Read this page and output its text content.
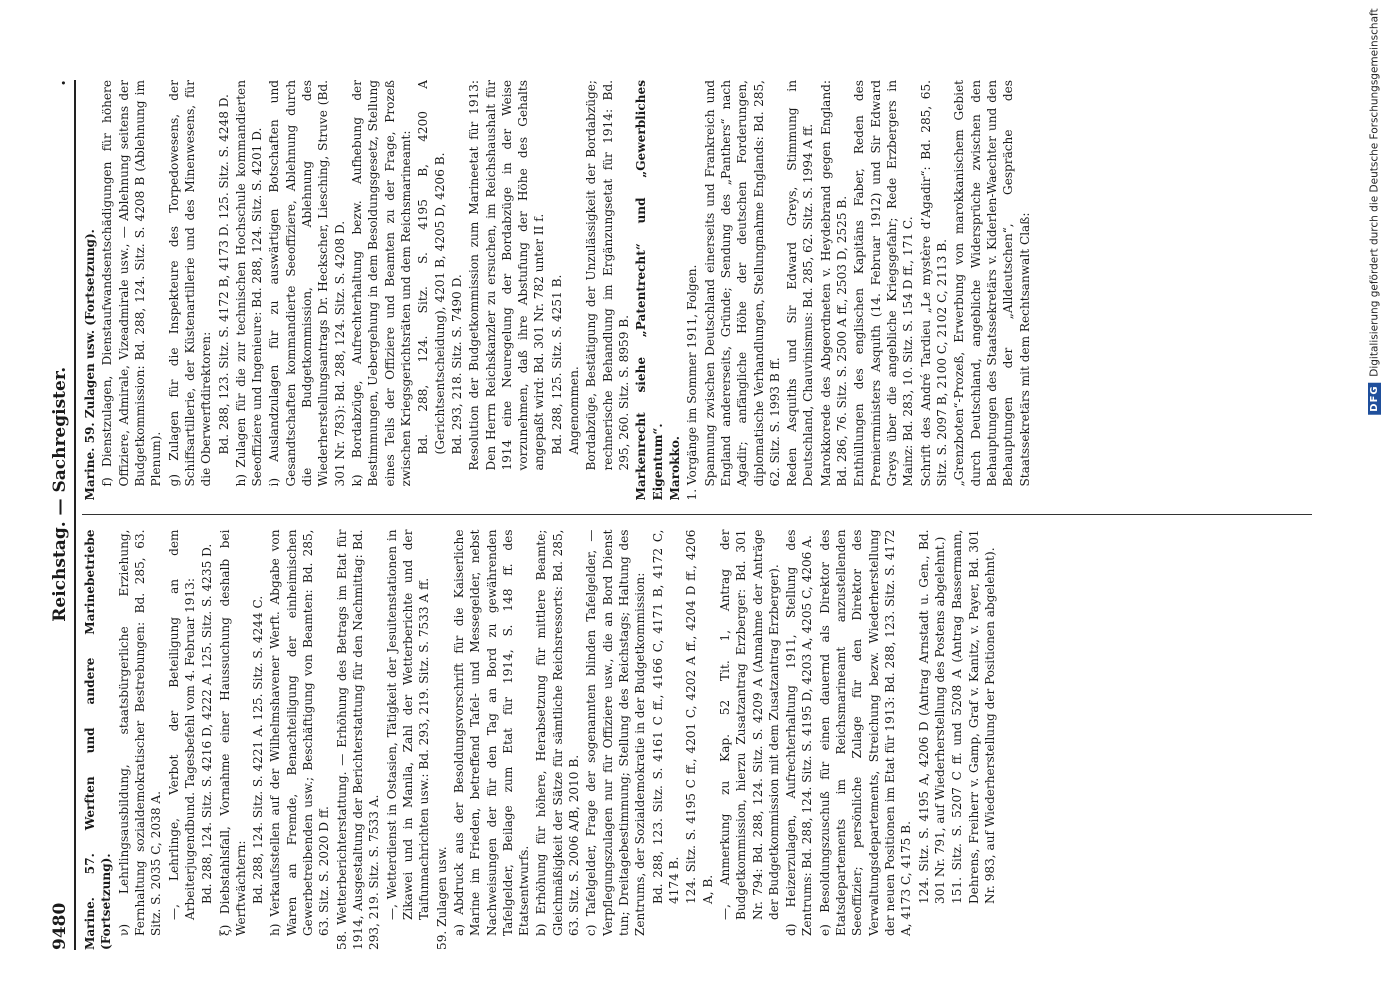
DFG
Digitalisierung gefördert durch die Deutsche Forschungsgemeinschaft
9480
Reichstag. — Sachregister.
.

Marine. 57. Werften und andere Marinebetriebe (Fortsetzung). ν) Lehrlingsausbildung, staatsbürgerliche Erziehung, Fernhaltung sozialdemokratischer Bestrebungen: Bd. 285, 63. Sitz. S. 2035 C, 2038 A. —, Lehrlinge, Verbot der Beteiligung an dem Arbeiterjugendbund. Tagesbefehl vom 4. Februar 1913: Bd. 288, 124. Sitz. S. 4216 D, 4222 A. 125. Sitz. S. 4235 D. ξ) Diebstahlsfall, Vornahme einer Haussuchung deshalb bei Werftwächtern: Bd. 288, 124. Sitz. S. 4221 A. 125. Sitz. S. 4244 C. h) Verkaufsstellen auf der Wilhelmshavener Werft. Abgabe von Waren an Fremde, Benachteiligung der einheimischen Gewerbetreibenden usw.; Beschäftigung von Beamten: Bd. 285, 63. Sitz. S. 2020 D ff. 58. Wetterberichterstattung. — Erhöhung des Betrags im Etat für 1914, Ausgestaltung der Berichterstattung für den Nachmittag: Bd. 293, 219. Sitz. S. 7533 A. —, Wetterdienst in Ostasien, Tätigkeit der Jesuitenstationen in Zikawei und in Manila, Zahl der Wetterberichte und der Taifunnachrichten usw.: Bd. 293, 219. Sitz. S. 7533 A ff. 59. Zulagen usw. a) Abdruck aus der Besoldungsvorschrift für die Kaiserliche Marine im Frieden, betreffend Tafel- und Messegelder, nebst Nachweisungen der für den Tag an Bord zu gewährenden Tafelgelder, Beilage zum Etat für 1914, S. 148 ff. des Etatsentwurfs. b) Erhöhung für höhere, Herabsetzung für mittlere Beamte; Gleichmäßigkeit der Sätze für sämtliche Reichsressorts: Bd. 285, 63. Sitz. S. 2006 A/B, 2010 B. c) Tafelgelder, Frage der sogenannten blinden Tafelgelder, — Verpflegungszulagen nur für Offiziere usw., die an Bord Dienst tun; Dreitagebestimmung; Stellung des Reichstags; Haltung des Zentrums, der Sozialdemokratie in der Budgetkommission: Bd. 288, 123. Sitz. S. 4161 C ff., 4166 C, 4171 B, 4172 C, 4174 B. 124. Sitz. S. 4195 C ff., 4201 C, 4202 A ff., 4204 D ff., 4206 A, B. —, Anmerkung zu Kap. 52 Tit. 1, Antrag der Budgetkommission, hierzu Zusatzantrag Erzberger: Bd. 301 Nr. 794: Bd. 288, 124. Sitz. S. 4209 A (Annahme der Anträge der Budgetkommission mit dem Zusatzantrag Erzberger). d) Heizerzulagen, Aufrechterhaltung 1911, Stellung des Zentrums: Bd. 288, 124. Sitz. S. 4195 D, 4203 A, 4205 C, 4206 A. e) Besoldungszuschuß für einen dauernd als Direktor des Etatsdepartements im Reichsmarineamt anzustellenden Seeoffizier; persönliche Zulage für den Direktor des Verwaltungsdepartements, Streichung bezw. Wiederherstellung der neuen Positionen im Etat für 1913: Bd. 288, 123. Sitz. S. 4172 A, 4173 C, 4175 B. 124. Sitz. S. 4195 A, 4206 D (Antrag Arnstadt u. Gen., Bd. 301 Nr. 791, auf Wiederherstellung des Postens abgelehnt.) 151. Sitz. S. 5207 C ff. und 5208 A (Antrag Bassermann, Dehrens, Freiherr v. Gamp, Graf v. Kanitz, v. Payer, Bd. 301 Nr. 983, auf Wiederherstellung der Positionen abgelehnt).

Marine. 59. Zulagen usw. (Fortsetzung). f) Dienstzulagen, Dienstaufwandsentschädigungen für höhere Offiziere, Admirale, Vizeadmirale usw., — Ablehnung seitens der Budgetkommission: Bd. 288, 124. Sitz. S. 4208 B (Ablehnung im Plenum). g) Zulagen für die Inspekteure des Torpedowesens, der Schiffsartillerie, der Küstenartillerie und des Minenwesens, für die Oberwerftdirektoren: Bd. 288, 123. Sitz. S. 4172 B, 4173 D. 125. Sitz. S. 4248 D. h) Zulagen für die zur technischen Hochschule kommandierten Seeoffiziere und Ingenieure: Bd. 288, 124. Sitz. S. 4201 D. i) Auslandzulagen für zu auswärtigen Botschaften und Gesandtschaften kommandierte Seeoffiziere, Ablehnung durch die Budgetkommission, Ablehnung des Wiederherstellungsantrags Dr. Heckscher, Liesching, Struve (Bd. 301 Nr. 783): Bd. 288, 124. Sitz. S. 4208 D. k) Bordabzüge, Aufrechterhaltung bezw. Aufhebung der Bestimmungen, Uebergehung in dem Besoldungsgesetz, Stellung eines Teils der Offiziere und Beamten zu der Frage, Prozeß zwischen Kriegsgerichtsräten und dem Reichsmarineamt: Bd. 288, 124. Sitz. S. 4195 B, 4200 A (Gerichtsentscheidung), 4201 B, 4205 D, 4206 B. Bd. 293, 218. Sitz. S. 7490 D. Resolution der Budgetkommission zum Marineetat für 1913: Den Herrn Reichskanzler zu ersuchen, im Reichshaushalt für 1914 eine Neuregelung der Bordabzüge in der Weise vorzunehmen, daß ihre Abstufung der Höhe des Gehalts angepaßt wird: Bd. 301 Nr. 782 unter II f. Bd. 288, 125. Sitz. S. 4251 B. Angenommen. Bordabzüge, Bestätigung der Unzulässigkeit der Bordabzüge; rechnerische Behandlung im Ergänzungsetat für 1914: Bd. 295, 260. Sitz. S. 8959 B. Markenrecht siehe „Patentrecht“ und „Gewerbliches Eigentum“. Marokko. 1. Vorgänge im Sommer 1911, Folgen. Spannung zwischen Deutschland einerseits und Frankreich und England andererseits, Gründe; Sendung des „Panthers“ nach Agadir; anfängliche Höhe der deutschen Forderungen, diplomatische Verhandlungen, Stellungnahme Englands: Bd. 285, 62. Sitz. S. 1993 B ff. Reden Asquiths und Sir Edward Greys, Stimmung in Deutschland, Chauvinismus: Bd. 285, 62. Sitz. S. 1994 A ff. Marokkorede des Abgeordneten v. Heydebrand gegen England: Bd. 286, 76. Sitz. S. 2500 A ff., 2503 D, 2525 B. Enthüllungen des englischen Kapitäns Faber, Reden des Premierministers Asquith (14. Februar 1912) und Sir Edward Greys über die angebliche Kriegsgefahr; Rede Erzbergers in Mainz: Bd. 283, 10. Sitz. S. 154 D ff., 171 C. Schrift des André Tardieu „Le mystère d’Agadir“: Bd. 285, 65. Sitz. S. 2097 B, 2100 C, 2102 C, 2113 B. „Grenzboten“-Prozeß, Erwerbung von marokkanischem Gebiet durch Deutschland, angebliche Widersprüche zwischen den Behauptungen des Staatssekretärs v. Kiderlen-Waechter und den Behauptungen der „Alldeutschen“, Gespräche des Staatssekretärs mit dem Rechtsanwalt Claß:
